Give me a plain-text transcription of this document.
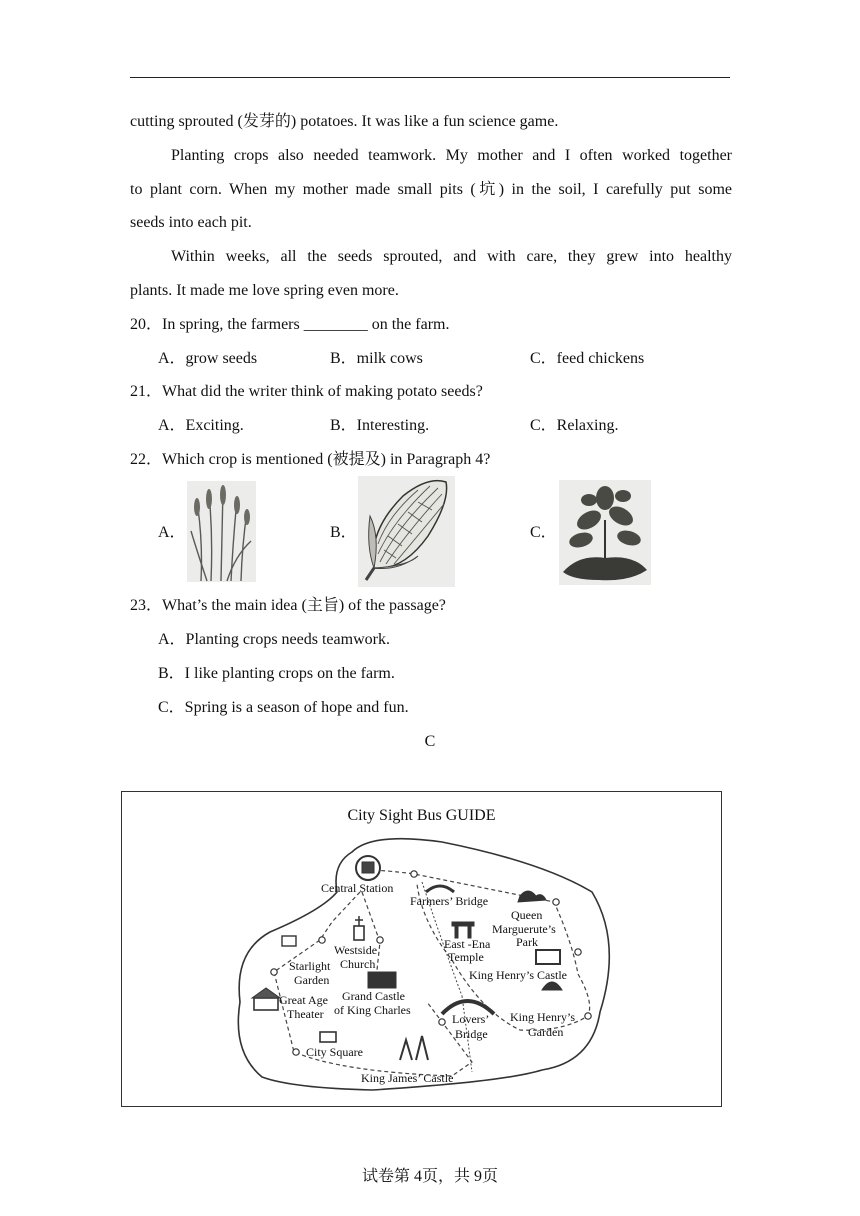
cutting sprouted (发芽的) potatoes. It was like a fun science game.
Planting crops also needed teamwork. My mother and I often worked together
to plant corn. When my mother made small pits (坑) in the soil, I carefully put some
seeds into each pit.
Within weeks, all the seeds sprouted, and with care, they grew into healthy
plants. It made me love spring even more.
20．In spring, the farmers ________ on the farm.
A．grow seeds	B．milk cows	C．feed chickens
21．What did the writer think of making potato seeds?
A．Exciting.	B．Interesting.	C．Relaxing.
22．Which crop is mentioned (被提及) in Paragraph 4?
A．	B．	C．
23．What’s the main idea (主旨) of the passage?
A．Planting crops needs teamwork.
B．I like planting crops on the farm.
C．Spring is a season of hope and fun.
C
City Sight Bus GUIDE
Central Station
Farmers’ Bridge
Queen
Marguerute’s
Park
East -Ena
Temple
King Henry’s Castle
King Henry’s
Garden
Lovers’
Bridge
Westside
Church
Starlight
Garden
Grand Castle
of King Charles
Great Age
Theater
City Square
King James’ Castle
试卷第 4页，共 9页
